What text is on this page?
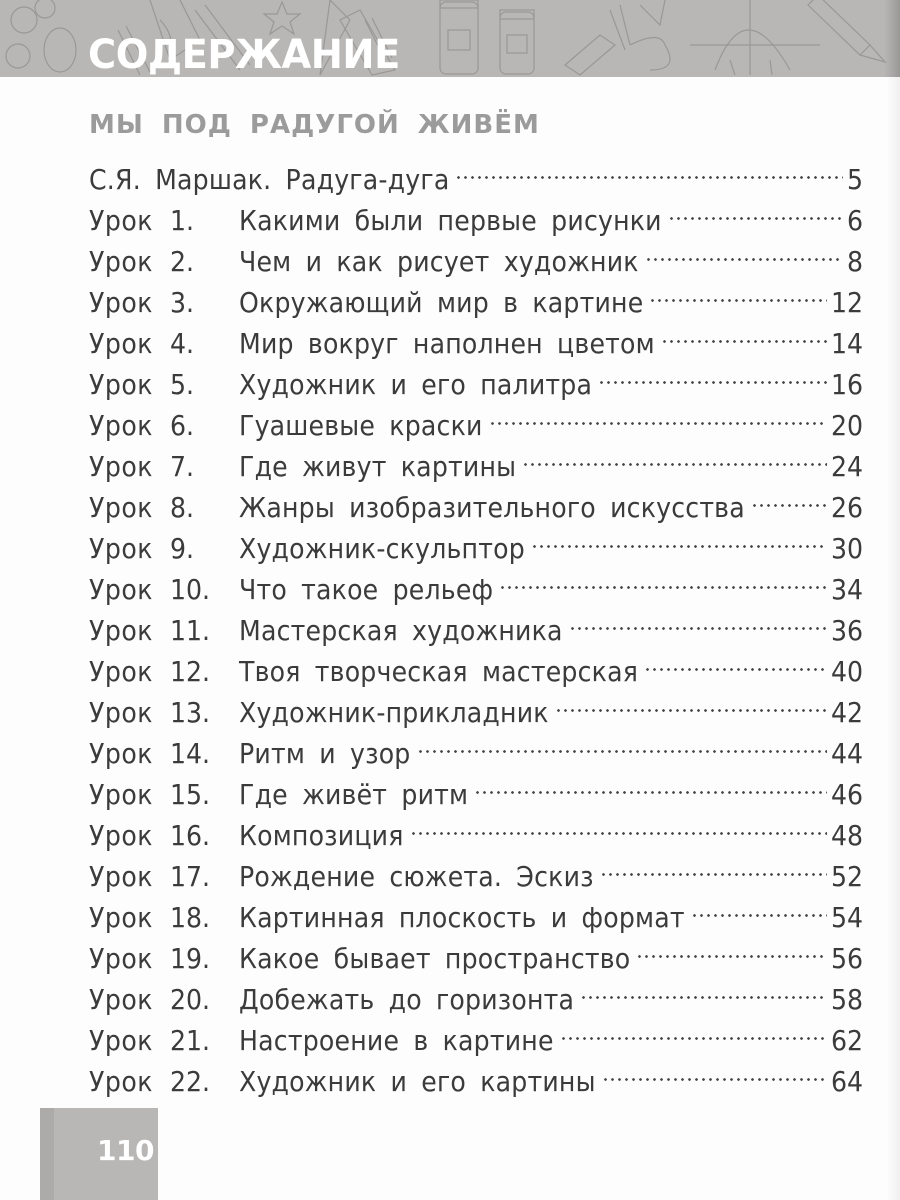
СОДЕРЖАНИЕ
МЫ ПОД РАДУГОЙ ЖИВЁМ
С.Я. Маршак. Радуга-дуга	5
Урок 1.	Какими были первые рисунки	6
Урок 2.	Чем и как рисует художник	8
Урок 3.	Окружающий мир в картине	12
Урок 4.	Мир вокруг наполнен цветом	14
Урок 5.	Художник и его палитра	16
Урок 6.	Гуашевые краски	20
Урок 7.	Где живут картины	24
Урок 8.	Жанры изобразительного искусства	26
Урок 9.	Художник-скульптор	30
Урок 10.	Что такое рельеф	34
Урок 11.	Мастерская художника	36
Урок 12.	Твоя творческая мастерская	40
Урок 13.	Художник-прикладник	42
Урок 14.	Ритм и узор	44
Урок 15.	Где живёт ритм	46
Урок 16.	Композиция	48
Урок 17.	Рождение сюжета. Эскиз	52
Урок 18.	Картинная плоскость и формат	54
Урок 19.	Какое бывает пространство	56
Урок 20.	Добежать до горизонта	58
Урок 21.	Настроение в картине	62
Урок 22.	Художник и его картины	64
110
